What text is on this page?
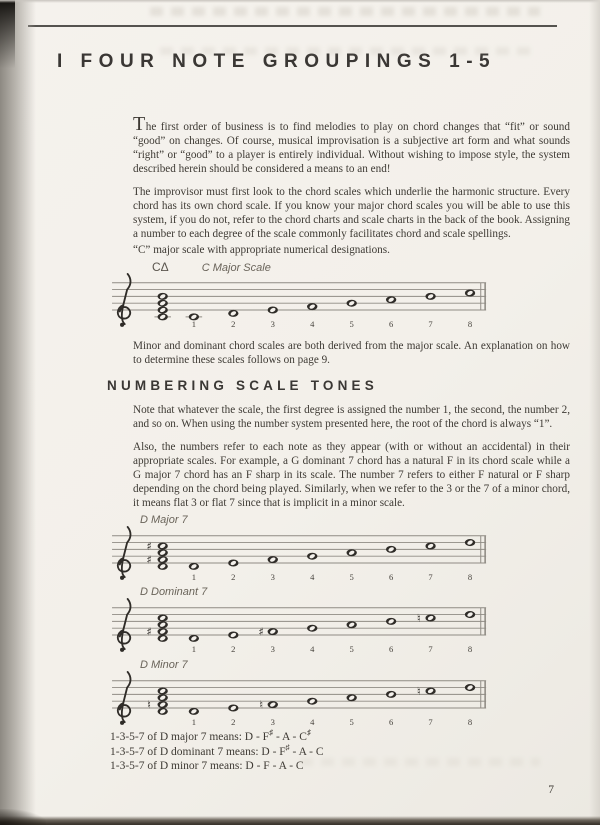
I FOUR NOTE GROUPINGS 1-5

The first order of business is to find melodies to play on chord changes that “fit” or sound “good” on changes. Of course, musical improvisation is a subjective art form and what sounds “right” or “good” to a player is entirely individual. Without wishing to impose style, the system described herein should be considered a means to an end!

The improvisor must first look to the chord scales which underlie the harmonic structure. Every chord has its own chord scale. If you know your major chord scales you will be able to use this system, if you do not, refer to the chord charts and scale charts in the back of the book. Assigning a number to each degree of the scale commonly facilitates chord and scale spellings.

“C” major scale with appropriate numerical designations.

CΔ	C Major Scale
1	2	3	4	5	6	7	8

Minor and dominant chord scales are both derived from the major scale. An explanation on how to determine these scales follows on page 9.

NUMBERING SCALE TONES

Note that whatever the scale, the first degree is assigned the number 1, the second, the number 2, and so on. When using the number system presented here, the root of the chord is always “1”.

Also, the numbers refer to each note as they appear (with or without an accidental) in their appropriate scales. For example, a G dominant 7 chord has a natural F in its chord scale while a G major 7 chord has an F sharp in its scale. The number 7 refers to either F natural or F sharp depending on the chord being played. Similarly, when we refer to the 3 or the 7 of a minor chord, it means flat 3 or flat 7 since that is implicit in a minor scale.

D Major 7
♯
♯
1	2	3	4	5	6	7	8
D Dominant 7
♯
1	2
♯
3	4	5	6
♮
7	8
D Minor 7
♮
1	2
♮
3	4	5	6
♮
7	8

1-3-5-7 of D major 7 means: D - F♯ - A - C♯

1-3-5-7 of D dominant 7 means: D - F♯ - A - C

1-3-5-7 of D minor 7 means: D - F - A - C

7
